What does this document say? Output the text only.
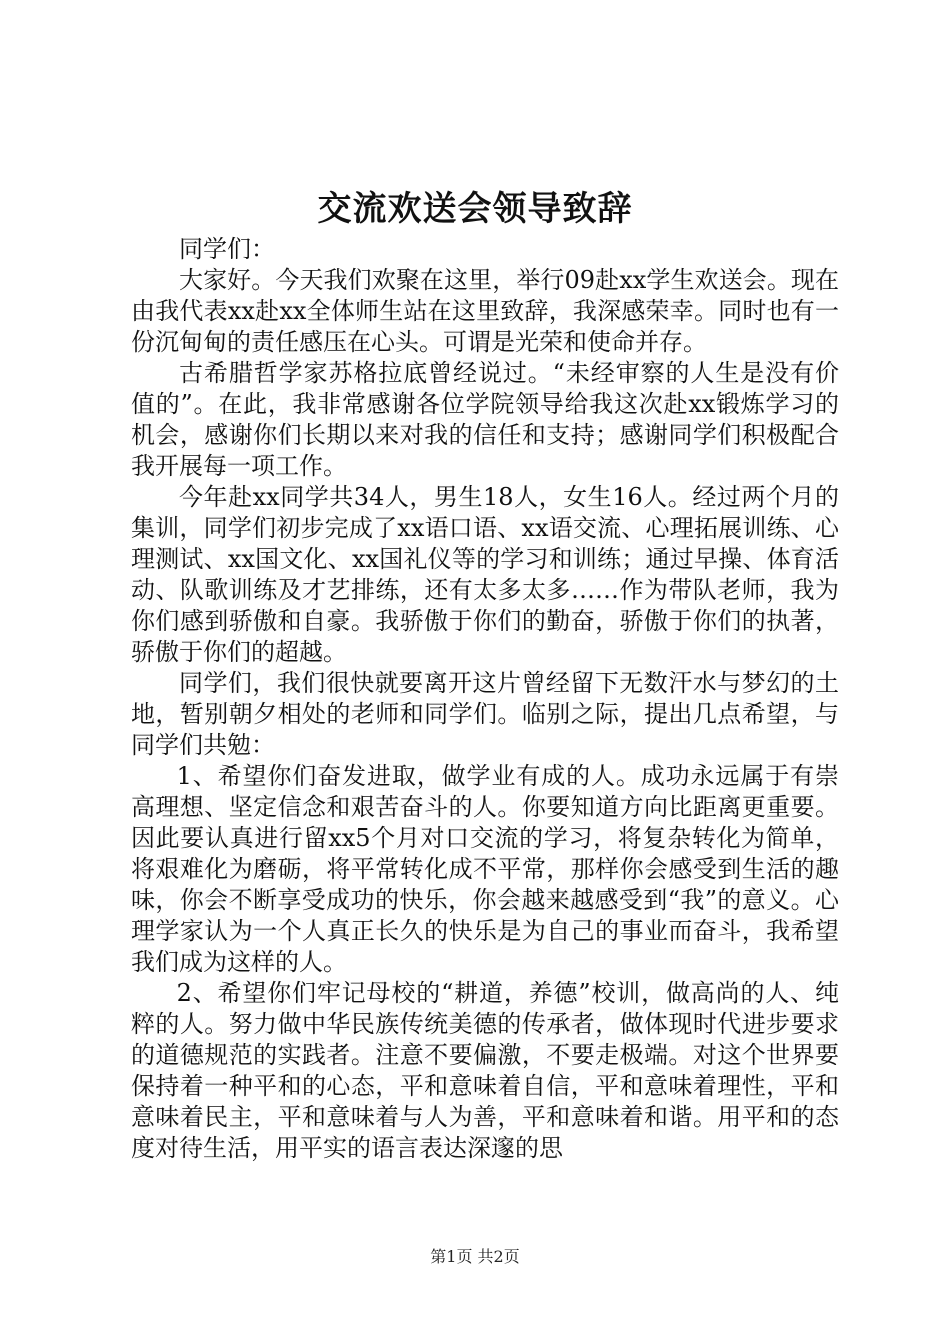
交流欢送会领导致辞

同学们：

大家好。今天我们欢聚在这里，举行09赴xx学生欢送会。现在由我代表xx赴xx全体师生站在这里致辞，我深感荣幸。同时也有一份沉甸甸的责任感压在心头。可谓是光荣和使命并存。

古希腊哲学家苏格拉底曾经说过。“未经审察的人生是没有价值的”。在此，我非常感谢各位学院领导给我这次赴xx锻炼学习的机会，感谢你们长期以来对我的信任和支持；感谢同学们积极配合我开展每一项工作。

今年赴xx同学共34人，男生18人，女生16人。经过两个月的集训，同学们初步完成了xx语口语、xx语交流、心理拓展训练、心理测试、xx国文化、xx国礼仪等的学习和训练；通过早操、体育活动、队歌训练及才艺排练，还有太多太多……作为带队老师，我为你们感到骄傲和自豪。我骄傲于你们的勤奋，骄傲于你们的执著，骄傲于你们的超越。

同学们，我们很快就要离开这片曾经留下无数汗水与梦幻的土地，暂别朝夕相处的老师和同学们。临别之际，提出几点希望，与同学们共勉：

1、希望你们奋发进取，做学业有成的人。成功永远属于有崇高理想、坚定信念和艰苦奋斗的人。你要知道方向比距离更重要。因此要认真进行留xx5个月对口交流的学习，将复杂转化为简单，将艰难化为磨砺，将平常转化成不平常，那样你会感受到生活的趣味，你会不断享受成功的快乐，你会越来越感受到“我”的意义。心理学家认为一个人真正长久的快乐是为自己的事业而奋斗，我希望我们成为这样的人。

2、希望你们牢记母校的“耕道，养德”校训，做高尚的人、纯粹的人。努力做中华民族传统美德的传承者，做体现时代进步要求的道德规范的实践者。注意不要偏激，不要走极端。对这个世界要保持着一种平和的心态，平和意味着自信，平和意味着理性，平和意味着民主，平和意味着与人为善，平和意味着和谐。用平和的态度对待生活，用平实的语言表达深邃的思

第1页 共2页
